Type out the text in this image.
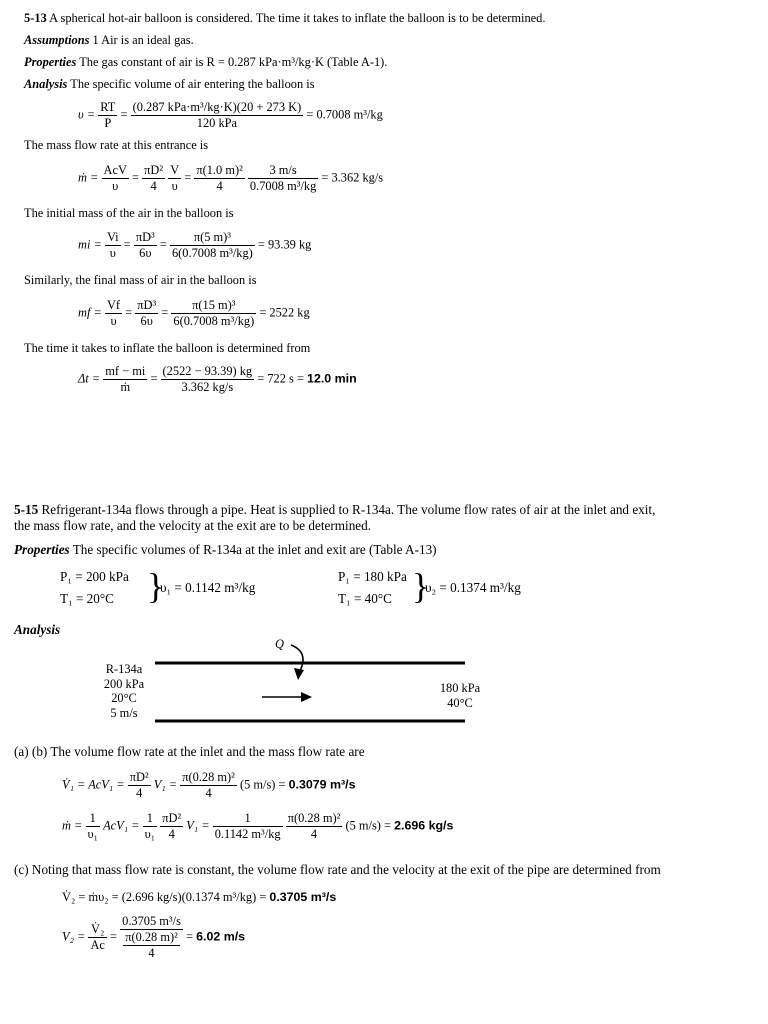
5-13 A spherical hot-air balloon is considered. The time it takes to inflate the balloon is to be determined.
Assumptions 1 Air is an ideal gas.
Properties The gas constant of air is R = 0.287 kPa·m³/kg·K (Table A-1).
Analysis The specific volume of air entering the balloon is
$\upsilon = \frac{RT}{P} = \frac{\text{(0.287 kPa·m³/kg·K)(20 + 273 K)}}{\text{120 kPa}} = 0.7008$ m³/kg
The mass flow rate at this entrance is
ṁ = $\frac{\text{AcV}}{\upsilon} = \frac{\text{πD²}}{4}$
$\frac{V}{\upsilon} = \frac{\text{π(1.0 m)²}}{4}$
$\frac{3 m/s}{\text{0.7008 m³/kg}} = 3.362$ kg/s
The initial mass of the air in the balloon is
mi = $\frac{Vi}{\upsilon} = \frac{\text{πD³}}{6\upsilon} = \frac{\text{π(5 m)³}}{\text{6(0.7008 m³/kg)}} = 93.39$ kg
Similarly, the final mass of air in the balloon is
mf = $\frac{Vf}{\upsilon} = \frac{\text{πD³}}{6\upsilon} = \frac{\text{π(15 m)³}}{\text{6(0.7008 m³/kg)}} = 2522$ kg
The time it takes to inflate the balloon is determined from
$\Delta t = \frac{mf - mi}{\text{ṁ}} = \frac{(2522 - 93.39) kg}{3.362 kg/s} = 722$ s = 12.0 min
5-15 Refrigerant-134a flows through a pipe. Heat is supplied to R-134a. The volume flow rates of air at the inlet and exit,
the mass flow rate, and the velocity at the exit are to be determined.
Properties The specific volumes of R-134a at the inlet and exit are (Table A-13)
P₁ = 200 kPa
T₁ = 20°C }
υ₁ = 0.1142 m³/kg
P₁ = 180 kPa
T₁ = 40°C }
υ₂ = 0.1374 m³/kg
Analysis
Q
R-134a
200 kPa
20°C
5 m/s
180 kPa
40°C
(a) (b) The volume flow rate at the inlet and the mass flow rate are
V̇₁ = $AcV_1 = \frac{\text{πD²}}{4} V_1 = \frac{\text{π(0.28 m)²}}{4} (5$ m/s) = 0.3079 m³/s
ṁ = $\frac{1}{\text{υ₁}} AcV_1 = \frac{1}{\text{υ₁}}$
$\frac{\text{πD²}}{4} V_1 = \frac{1}{\text{0.1142 m³/kg}}$
$\frac{\text{π(0.28 m)²}}{4} (5$ m/s) = 2.696 kg/s
(c) Noting that mass flow rate is constant, the volume flow rate and the velocity at the exit of the pipe are determined from
V̇₂ = ṁυ₂ = (2.696 kg/s)(0.1374 m³/kg) = 0.3705 m³/s
$V_2 = \frac{\text{V̇₂}}{Ac} = \frac{\text{0.3705 m³/s}}{\frac{\text{π(0.28 m)²}}{4}} = 6.02$ m/s
